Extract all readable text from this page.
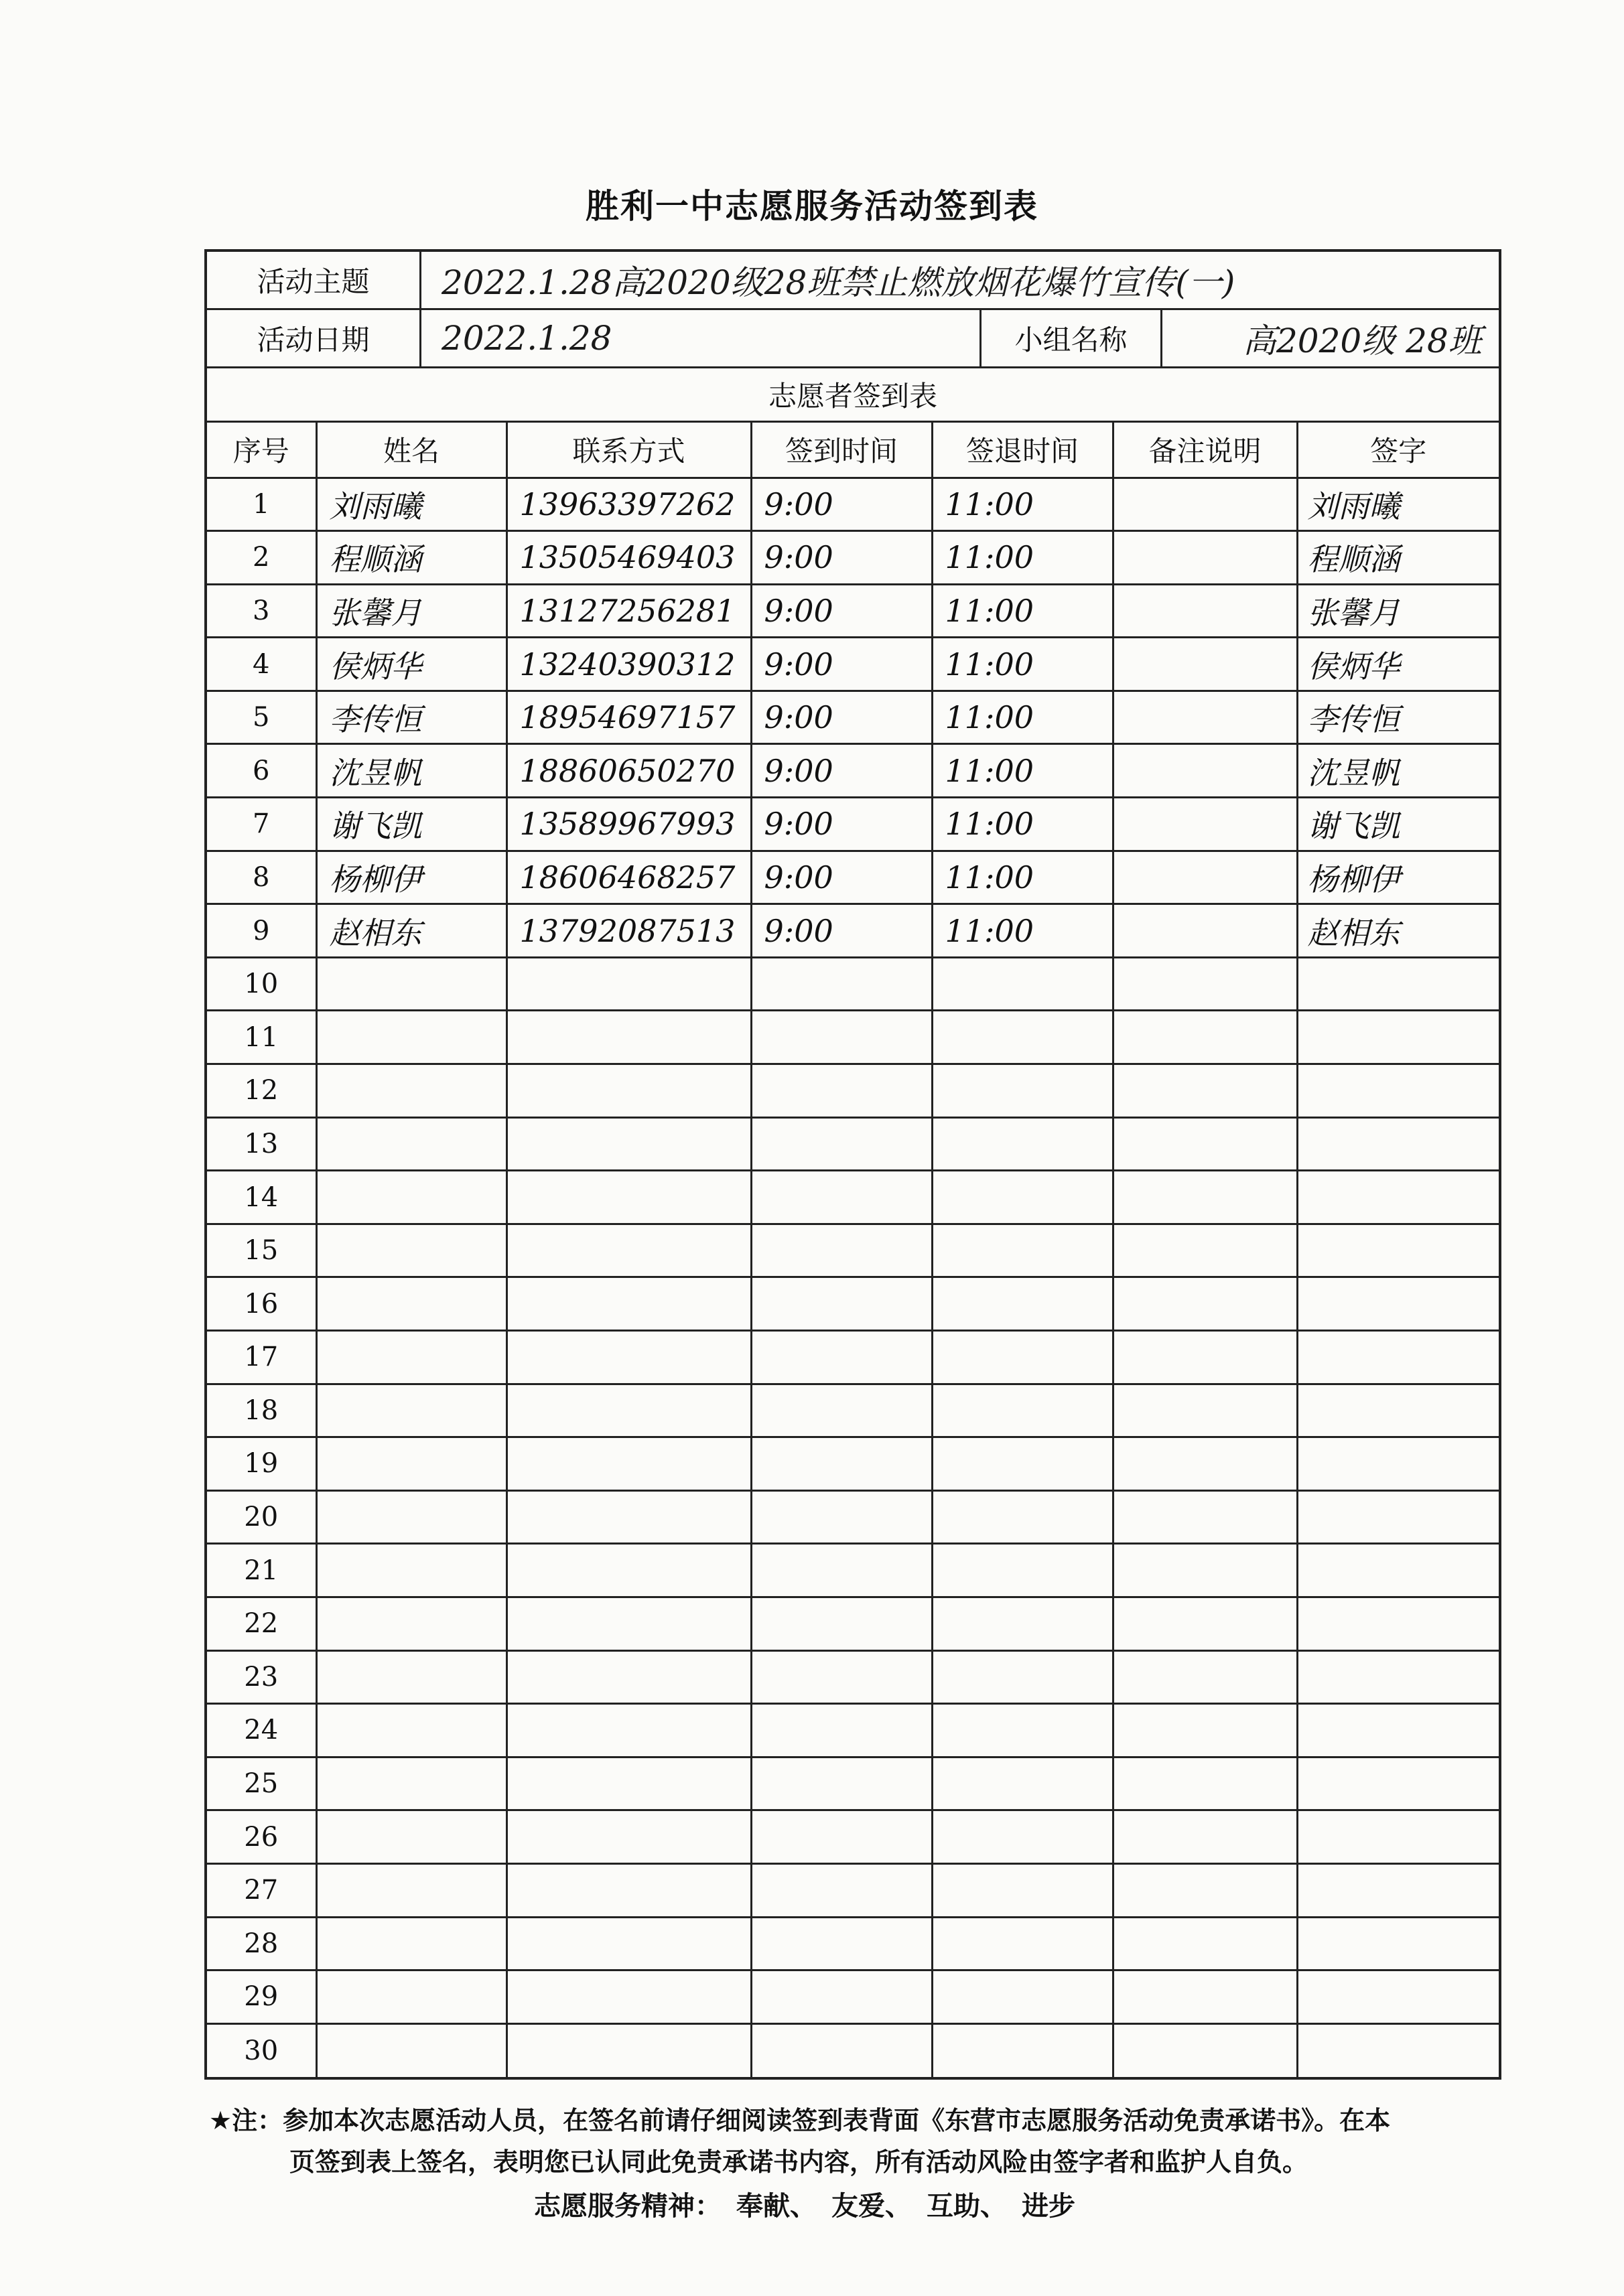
胜利一中志愿服务活动签到表
活动主题	2022.1.28高2020级28班禁止燃放烟花爆竹宣传(一)
活动日期	2022.1.28	小组名称	高2020级 28班
志愿者签到表
序号	姓名	联系方式	签到时间	签退时间	备注说明	签字
1	刘雨曦	13963397262	9:00	11:00		刘雨曦
2	程顺涵	13505469403	9:00	11:00		程顺涵
3	张馨月	13127256281	9:00	11:00		张馨月
4	侯炳华	13240390312	9:00	11:00		侯炳华
5	李传恒	18954697157	9:00	11:00		李传恒
6	沈昱帆	18860650270	9:00	11:00		沈昱帆
7	谢飞凯	13589967993	9:00	11:00		谢飞凯
8	杨柳伊	18606468257	9:00	11:00		杨柳伊
9	赵相东	13792087513	9:00	11:00		赵相东
10						
11						
12						
13						
14						
15						
16						
17						
18						
19						
20						
21						
22						
23						
24						
25						
26						
27						
28						
29						
30						
★注：参加本次志愿活动人员，在签名前请仔细阅读签到表背面《东营市志愿服务活动免责承诺书》。在本
页签到表上签名，表明您已认同此免责承诺书内容，所有活动风险由签字者和监护人自负。
志愿服务精神： 奉献、 友爱、 互助、 进步
